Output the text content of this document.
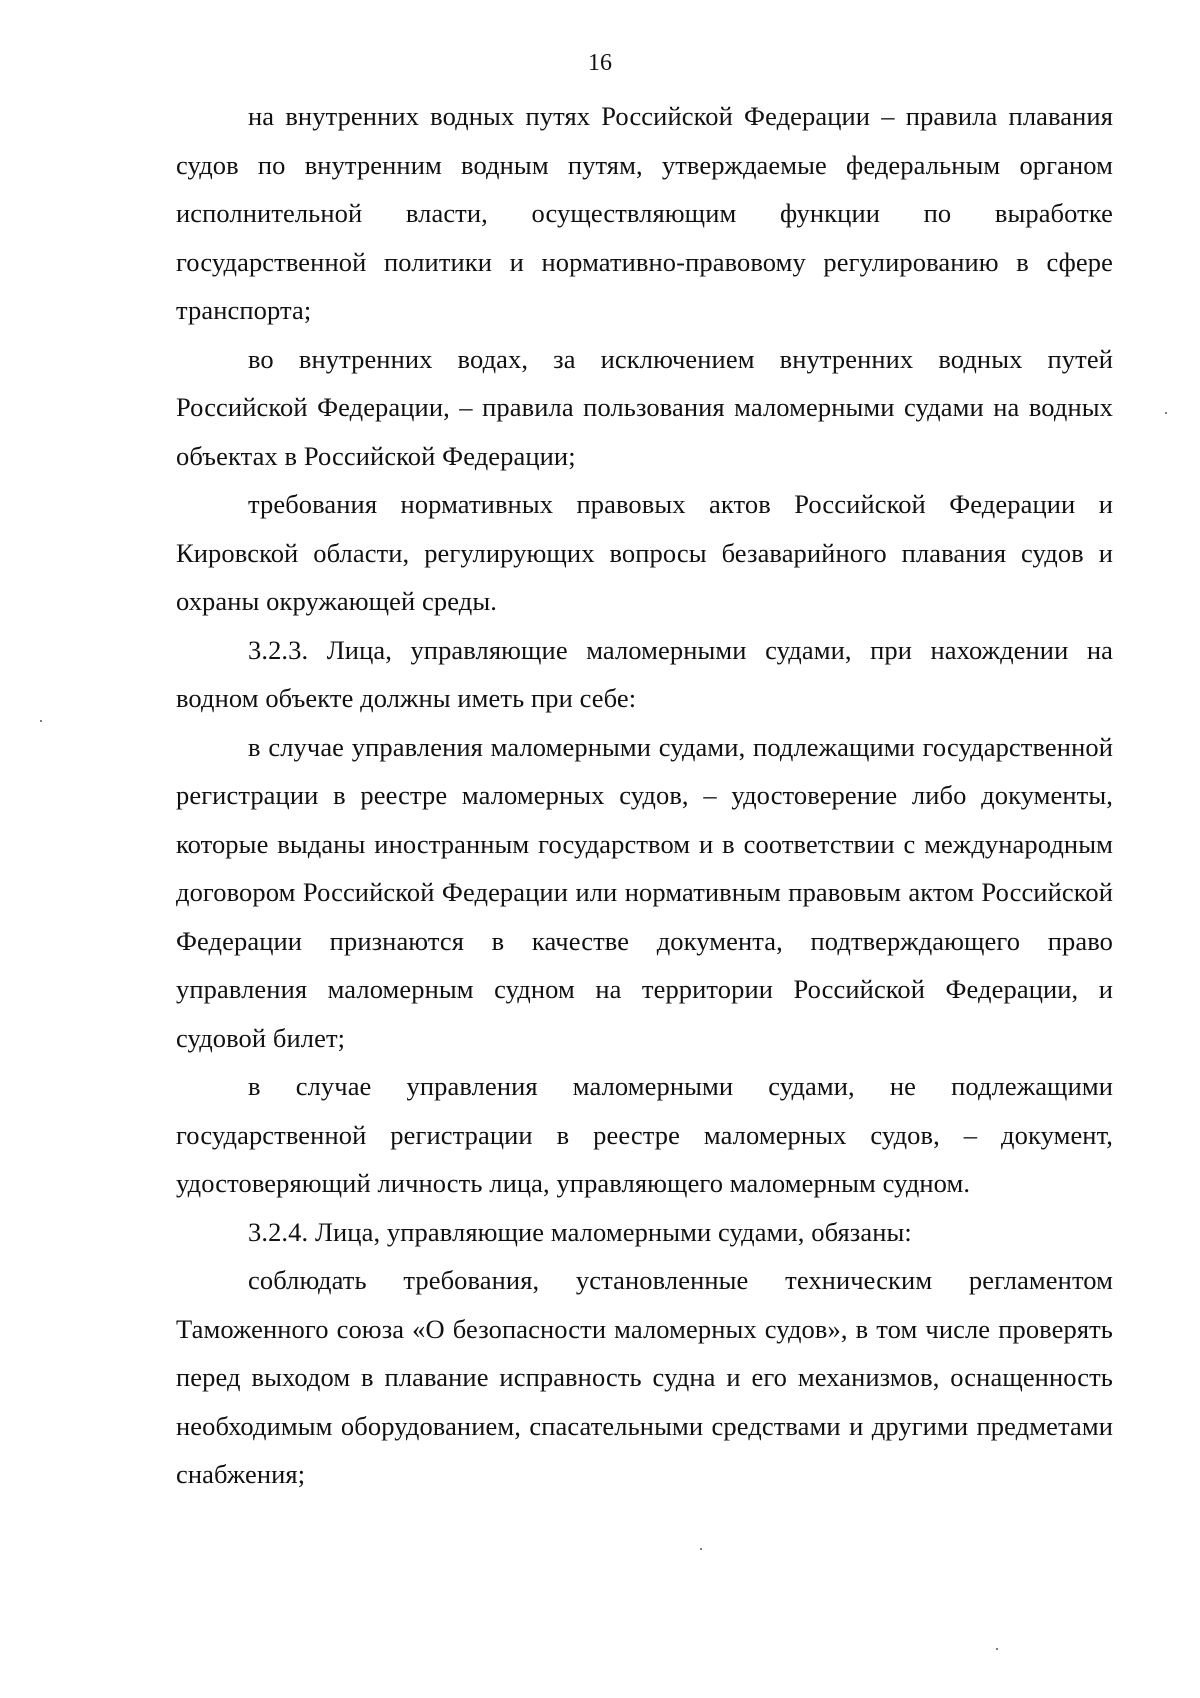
16

на внутренних водных путях Российской Федерации – правила плавания судов по внутренним водным путям, утверждаемые федеральным органом исполнительной власти, осуществляющим функции по выработке государственной политики и нормативно-правовому регулированию в сфере транспорта;

во внутренних водах, за исключением внутренних водных путей Российской Федерации, – правила пользования маломерными судами на водных объектах в Российской Федерации;

требования нормативных правовых актов Российской Федерации и Кировской области, регулирующих вопросы безаварийного плавания судов и охраны окружающей среды.

3.2.3. Лица, управляющие маломерными судами, при нахождении на водном объекте должны иметь при себе:

в случае управления маломерными судами, подлежащими государственной регистрации в реестре маломерных судов, – удостоверение либо документы, которые выданы иностранным государством и в соответствии с международным договором Российской Федерации или нормативным правовым актом Российской Федерации признаются в качестве документа, подтверждающего право управления маломерным судном на территории Российской Федерации, и судовой билет;

в случае управления маломерными судами, не подлежащими государственной регистрации в реестре маломерных судов, – документ, удостоверяющий личность лица, управляющего маломерным судном.

3.2.4. Лица, управляющие маломерными судами, обязаны:

соблюдать требования, установленные техническим регламентом Таможенного союза «О безопасности маломерных судов», в том числе проверять перед выходом в плавание исправность судна и его механизмов, оснащенность необходимым оборудованием, спасательными средствами и другими предметами снабжения;
